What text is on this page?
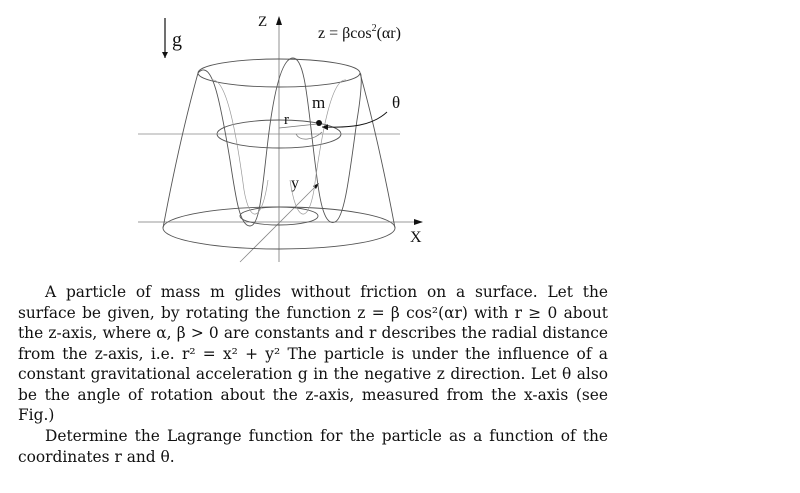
g
Z
X
y
z = βcos$^2$(αr)
m
r
θ

A particle of mass m glides without friction on a surface. Let the surface be given, by rotating the function z = β cos²(αr) with r ≥ 0 about the z-axis, where α, β > 0 are constants and r describes the radial distance from the z-axis, i.e. r² = x² + y² The particle is under the influence of a constant gravitational acceleration g in the negative z direction. Let θ also be the angle of rotation about the z-axis, measured from the x-axis (see Fig.)

Determine the Lagrange function for the particle as a function of the coordinates r and θ.
